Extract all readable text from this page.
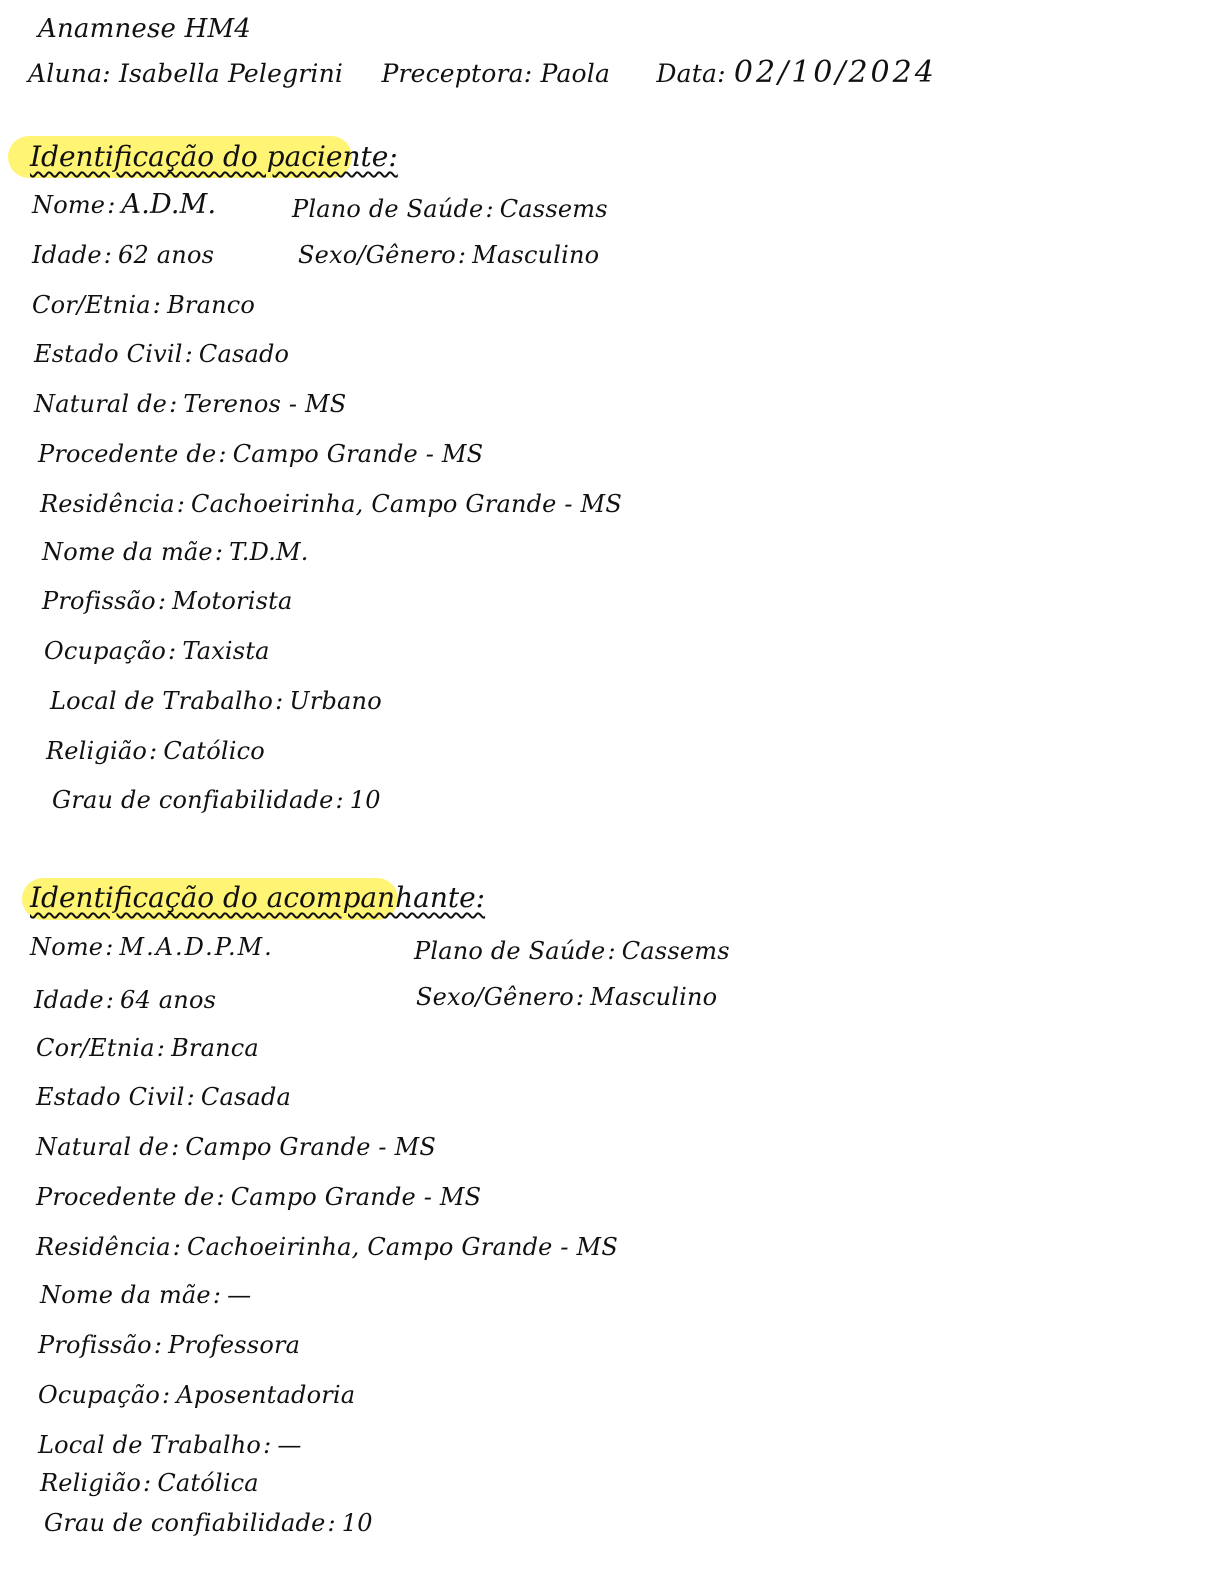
Anamnese HM4
Aluna: Isabella Pelegrini Preceptora: Paola Data: 02/10/2024
Identificação do paciente:
Nome: A.D.M.	Plano de Saúde: Cassems
Idade: 62 anos	Sexo/Gênero: Masculino
Cor/Etnia: Branco
Estado Civil: Casado
Natural de: Terenos - MS
Procedente de: Campo Grande - MS
Residência: Cachoeirinha, Campo Grande - MS
Nome da mãe: T.D.M.
Profissão: Motorista
Ocupação: Taxista
Local de Trabalho: Urbano
Religião: Católico
Grau de confiabilidade: 10
Identificação do acompanhante:
Nome: M.A.D.P.M.	Plano de Saúde: Cassems
Idade: 64 anos	Sexo/Gênero: Masculino
Cor/Etnia: Branca
Estado Civil: Casada
Natural de: Campo Grande - MS
Procedente de: Campo Grande - MS
Residência: Cachoeirinha, Campo Grande - MS
Nome da mãe: —
Profissão: Professora
Ocupação: Aposentadoria
Local de Trabalho: —
Religião: Católica
Grau de confiabilidade: 10
